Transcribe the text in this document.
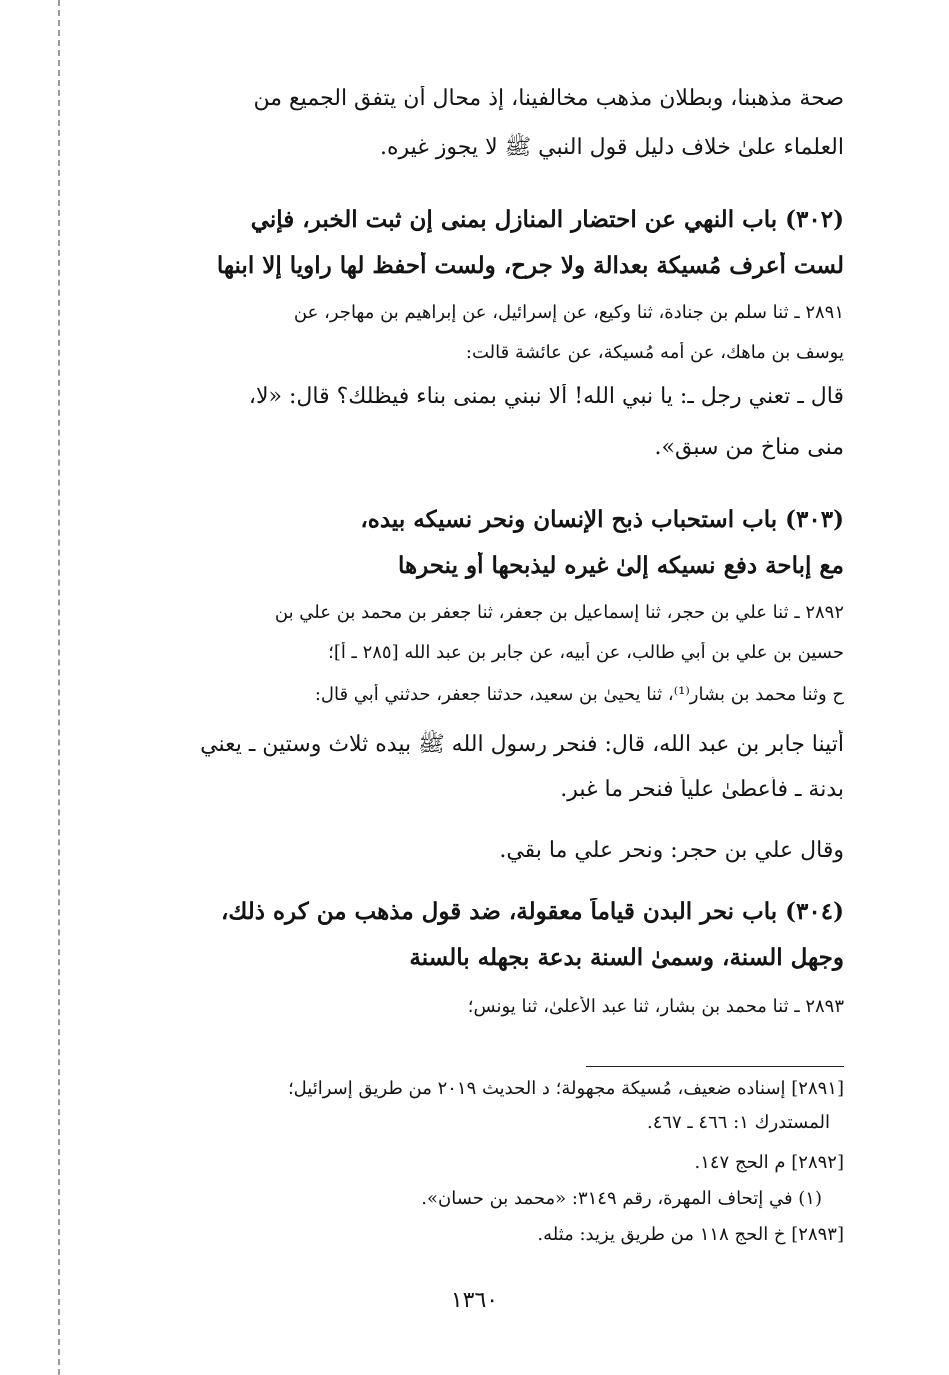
صحة مذهبنا، وبطلان مذهب مخالفينا، إذ محال أن يتفق الجميع من
العلماء علىٰ خلاف دليل قول النبي ﷺ لا يجوز غيره.
(٣٠٢) باب النهي عن احتضار المنازل بمنى إن ثبت الخبر، فإني
لست أعرف مُسيكة بعدالة ولا جرح، ولست أحفظ لها راويا إلا ابنها
٢٨٩١ ـ ثنا سلم بن جنادة، ثنا وكيع، عن إسرائيل، عن إبراهيم بن مهاجر، عن
يوسف بن ماهك، عن أمه مُسيكة، عن عائشة قالت:
قال ـ تعني رجل ـ: يا نبي الله! ألا نبني بمنى بناء فيظلك؟ قال: «لا،
منى مناخ من سبق».
(٣٠٣) باب استحباب ذبح الإنسان ونحر نسيكه بيده،
مع إباحة دفع نسيكه إلىٰ غيره ليذبحها أو ينحرها
٢٨٩٢ ـ ثنا علي بن حجر، ثنا إسماعيل بن جعفر، ثنا جعفر بن محمد بن علي بن
حسين بن علي بن أبي طالب، عن أبيه، عن جابر بن عبد الله [٢٨٥ ـ أ]؛
ح وثنا محمد بن بشار⁽¹⁾، ثنا يحيىٰ بن سعيد، حدثنا جعفر، حدثني أبي قال:
أتينا جابر بن عبد الله، قال: فنحر رسول الله ﷺ بيده ثلاث وستين ـ يعني
بدنة ـ فأعطىٰ علياً فنحر ما غبر.
وقال علي بن حجر: ونحر علي ما بقي.
(٣٠٤) باب نحر البدن قياماً معقولة، ضد قول مذهب من كره ذلك،
وجهل السنة، وسمىٰ السنة بدعة بجهله بالسنة
٢٨٩٣ ـ ثنا محمد بن بشار، ثنا عبد الأعلىٰ، ثنا يونس؛
[٢٨٩١] إسناده ضعيف، مُسيكة مجهولة؛ د الحديث ٢٠١٩ من طريق إسرائيل؛
المستدرك ١: ٤٦٦ ـ ٤٦٧.
[٢٨٩٢] م الحج ١٤٧.
(١) في إتحاف المهرة، رقم ٣١٤٩: «محمد بن حسان».
[٢٨٩٣] خ الحج ١١٨ من طريق يزيد: مثله.
١٣٦٠
